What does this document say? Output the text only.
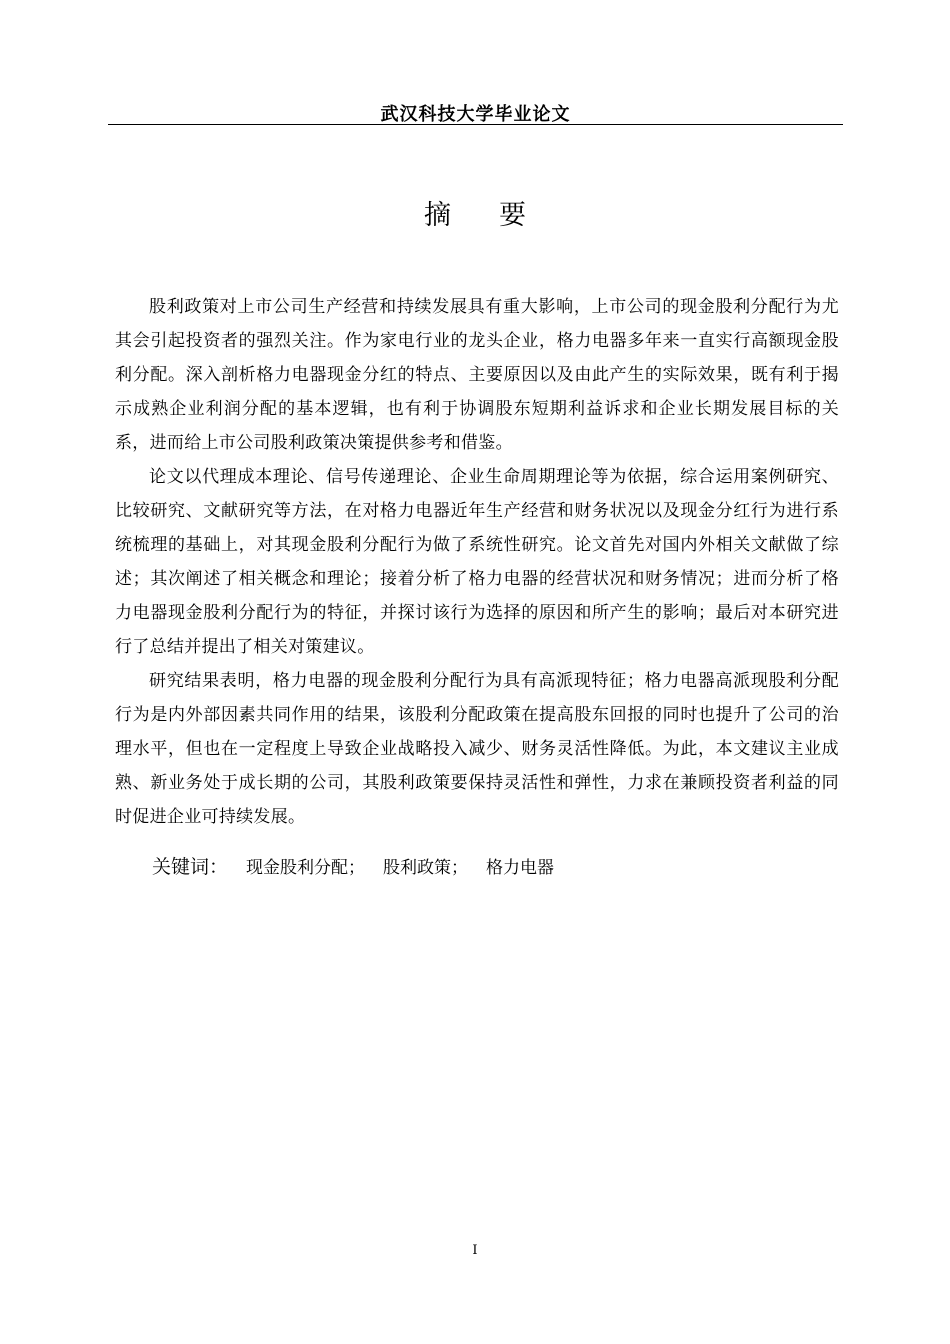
武汉科技大学毕业论文
摘要

股利政策对上市公司生产经营和持续发展具有重大影响，上市公司的现金股利分配行为尤其会引起投资者的强烈关注。作为家电行业的龙头企业，格力电器多年来一直实行高额现金股利分配。深入剖析格力电器现金分红的特点、主要原因以及由此产生的实际效果，既有利于揭示成熟企业利润分配的基本逻辑，也有利于协调股东短期利益诉求和企业长期发展目标的关系，进而给上市公司股利政策决策提供参考和借鉴。

论文以代理成本理论、信号传递理论、企业生命周期理论等为依据，综合运用案例研究、比较研究、文献研究等方法，在对格力电器近年生产经营和财务状况以及现金分红行为进行系统梳理的基础上，对其现金股利分配行为做了系统性研究。论文首先对国内外相关文献做了综述；其次阐述了相关概念和理论；接着分析了格力电器的经营状况和财务情况；进而分析了格力电器现金股利分配行为的特征，并探讨该行为选择的原因和所产生的影响；最后对本研究进行了总结并提出了相关对策建议。

研究结果表明，格力电器的现金股利分配行为具有高派现特征；格力电器高派现股利分配行为是内外部因素共同作用的结果，该股利分配政策在提高股东回报的同时也提升了公司的治理水平，但也在一定程度上导致企业战略投入减少、财务灵活性降低。为此，本文建议主业成熟、新业务处于成长期的公司，其股利政策要保持灵活性和弹性，力求在兼顾投资者利益的同时促进企业可持续发展。

关键词： 现金股利分配； 股利政策； 格力电器
I
